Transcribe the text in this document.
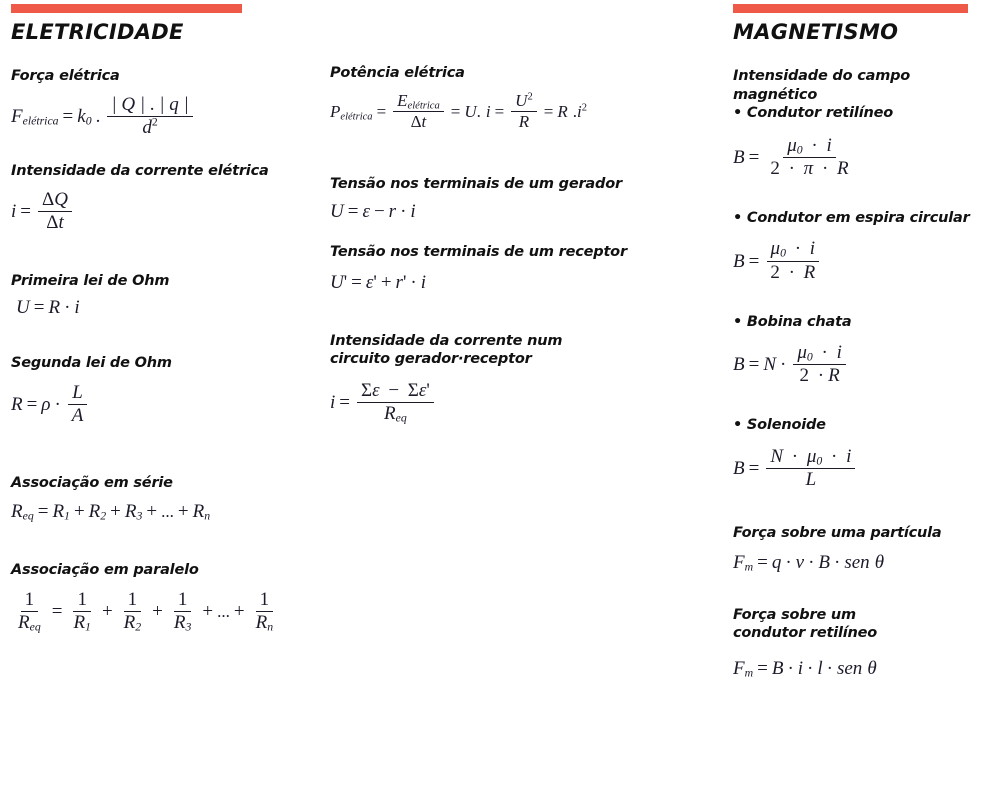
ELETRICIDADE
Força elétrica
$F_{elétrica} = k_0$ . $\frac{| Q | . | q |}{d^2}$
Intensidade da corrente elétrica
$i = \frac{\Delta Q}{\Delta t}$
Primeira lei de Ohm
U = R · i
Segunda lei de Ohm
$R = \rho \cdot \frac{L}{A}$
Associação em série
$R_{eq} = R_1 + R_2 + R_3$ + ... + $R_n$
Associação em paralelo
$\frac{1}{R_{eq}} = \frac{1}{R_1} + \frac{1}{R_2} + \frac{1}{R_3}$ + ... + $\frac{1}{R_n}$
Potência elétrica
$P_{elétrica} = \frac{E_{elétrica}}{\Delta t} = U$. $i = \frac{U^2}{R} = R$ . $i^2$
Tensão nos terminais de um gerador
U = ε − r · i
Tensão nos terminais de um receptor
U' = ε' + r' · i
Intensidade da corrente num
circuito gerador·receptor
$i = \frac{\Sigma\varepsilon - \Sigma\varepsilon'}{R_{eq}}$
MAGNETISMO
Intensidade do campo
magnético
• Condutor retilíneo
$B = \frac{\mu_0 \cdot i}{2 \cdot \pi \cdot R}$
• Condutor em espira circular
$B = \frac{\mu_0 \cdot i}{2 \cdot R}$
• Bobina chata
$B = N \cdot \frac{\mu_0 \cdot i}{2 \cdot R}$
• Solenoide
$B = \frac{N \cdot \mu_0 \cdot i}{L}$
Força sobre uma partícula
$F_m = q \cdot v \cdot B$ · sen θ
Força sobre um
condutor retilíneo
$F_m = B \cdot i \cdot l$ · sen θ
